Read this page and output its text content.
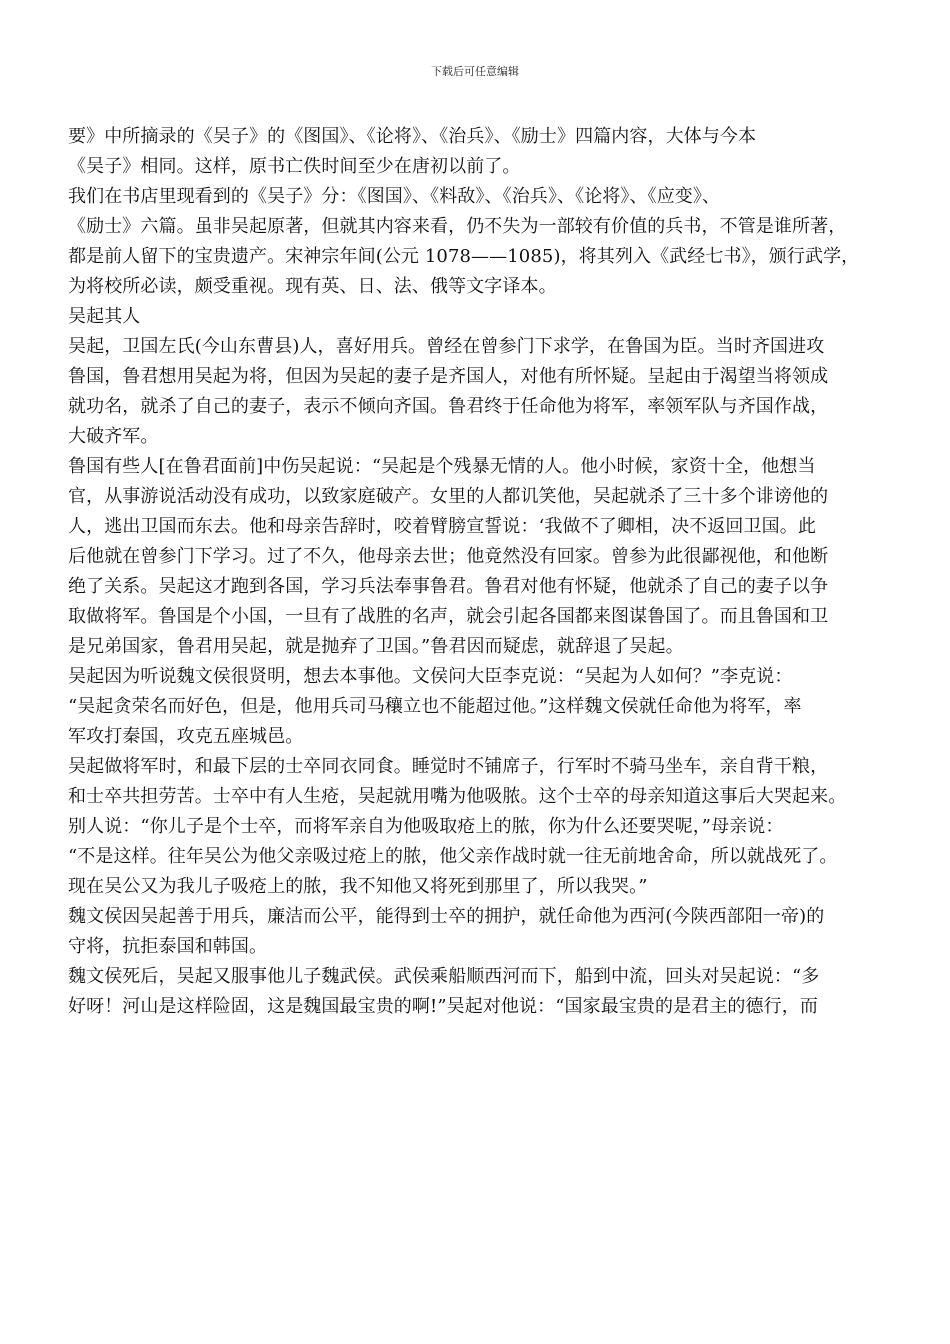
下载后可任意编辑
要》中所摘录的《吴子》的《图国》、《论将》、《治兵》、《励士》四篇内容，大体与今本
《吴子》相同。这样，原书亡佚时间至少在唐初以前了。
我们在书店里现看到的《吴子》分：《图国》、《料敌》、《治兵》、《论将》、《应变》、
《励士》六篇。虽非吴起原著，但就其内容来看，仍不失为一部较有价值的兵书，不管是谁所著，
都是前人留下的宝贵遗产。宋神宗年间(公元 1078——1085)，将其列入《武经七书》，颁行武学，
为将校所必读，颇受重视。现有英、日、法、俄等文字译本。
吴起其人
吴起，卫国左氏(今山东曹县)人，喜好用兵。曾经在曾参门下求学，在鲁国为臣。当时齐国进攻
鲁国，鲁君想用吴起为将，但因为吴起的妻子是齐国人，对他有所怀疑。呈起由于渴望当将领成
就功名，就杀了自己的妻子，表示不倾向齐国。鲁君终于任命他为将军，率领军队与齐国作战，
大破齐军。
鲁国有些人[在鲁君面前]中伤吴起说：“吴起是个残暴无情的人。他小时候，家资十全，他想当
官，从事游说活动没有成功，以致家庭破产。女里的人都讥笑他，吴起就杀了三十多个诽谤他的
人，逃出卫国而东去。他和母亲告辞时，咬着臂膀宣誓说：‘我做不了卿相，决不返回卫国。此
后他就在曾参门下学习。过了不久，他母亲去世；他竟然没有回家。曾参为此很鄙视他，和他断
绝了关系。吴起这才跑到各国，学习兵法奉事鲁君。鲁君对他有怀疑，他就杀了自己的妻子以争
取做将军。鲁国是个小国，一旦有了战胜的名声，就会引起各国都来图谋鲁国了。而且鲁国和卫
是兄弟国家，鲁君用吴起，就是抛弃了卫国。”鲁君因而疑虑，就辞退了吴起。
吴起因为听说魏文侯很贤明，想去本事他。文侯问大臣李克说：“吴起为人如何？”李克说：
“吴起贪荣名而好色，但是，他用兵司马穰立也不能超过他。”这样魏文侯就任命他为将军，率
军攻打秦国，攻克五座城邑。
吴起做将军时，和最下层的士卒同衣同食。睡觉时不铺席子，行军时不骑马坐车，亲自背干粮，
和士卒共担劳苦。士卒中有人生疮，吴起就用嘴为他吸脓。这个士卒的母亲知道这事后大哭起来。
别人说：“你儿子是个士卒，而将军亲自为他吸取疮上的脓，你为什么还要哭呢，”母亲说：
“不是这样。往年吴公为他父亲吸过疮上的脓，他父亲作战时就一往无前地舍命，所以就战死了。
现在吴公又为我儿子吸疮上的脓，我不知他又将死到那里了，所以我哭。”
魏文侯因吴起善于用兵，廉洁而公平，能得到士卒的拥护，就任命他为西河(今陕西部阳一帝)的
守将，抗拒泰国和韩国。
魏文侯死后，吴起又服事他儿子魏武侯。武侯乘船顺西河而下，船到中流，回头对吴起说：“多
好呀！河山是这样险固，这是魏国最宝贵的啊!”吴起对他说：“国家最宝贵的是君主的德行，而
